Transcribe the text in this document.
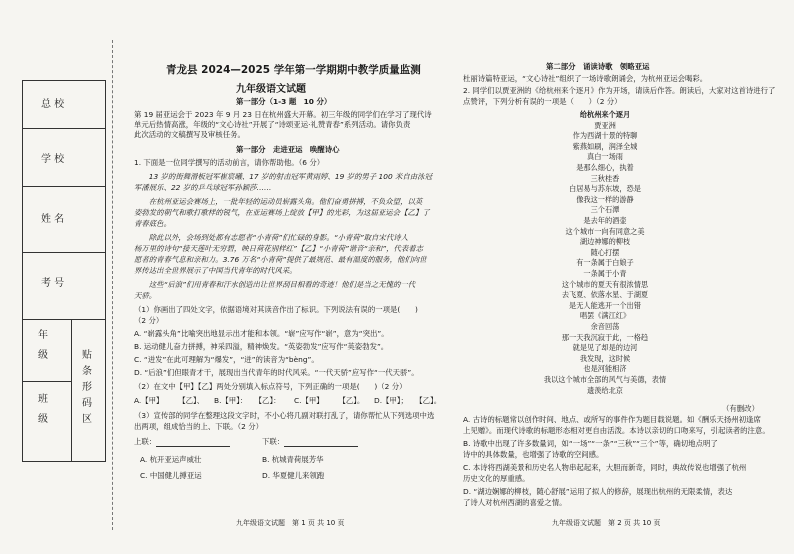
总 校
学 校
姓 名
考 号
年
级
班
级
贴
条
形
码
区
青龙县 2024—2025 学年第一学期期中教学质量监测
九年级语文试题
第一部分（1-3 题　10 分）
第 19 届亚运会于 2023 年 9 月 23 日在杭州盛大开幕。初三年级的同学们在学习了现代诗
单元后热情高涨，年级的“文心诗社”开展了“诗颂亚运·礼赞青春”系列活动。请你负责
此次活动的文稿撰写及审核任务。
第一部分　走进亚运　唤醒诗心
1. 下面是一位同学撰写的活动前言，请你帮助他。（6 分）
　　13 岁的街舞滑板冠军崔宸曦、17 岁的射击冠军黄雨婷、19 岁的男子 100 米自由泳冠
军潘展乐、22 岁的乒乓球冠军孙颖莎……
　　在杭州亚运会赛场上，一批年轻的运动员崭露头角。他们奋勇拼搏，不负众望，以英
姿勃发的朝气和歌打歌样的锐气，在亚运赛场上绽放【甲】的光彩，为这届亚运会【乙】了
青春底色。
　　除此以外，会场到处都有志愿者“小青荷”们忙碌的身影。“小青荷”取自宋代诗人
杨万里的诗句“接天莲叶无穷碧，映日荷花别样红”【乙】“小青荷”谐音“亲和”，代表着志
愿者的青春气息和亲和力。3.76 万名“小青荷”提供了最规范、最有温度的服务，他们向世
界传达出全世界展示了中国当代青年的时代风采。
　　这些“后浪”们用青春和汗水创造出让世界刮目相看的奇迹！他们是当之无愧的一代
天骄。
（1）你画出了四处文字，依据语境对其读音作出了标识。下列说法有误的一项是(　　)
（2 分）
A. “崭露头角”比喻突出地显示出才能和本领。“崭”应写作“崭”，意为“突出”。
B. 运动健儿奋力拼搏，神采四溢，精神焕发。“英姿勃发”应写作“英姿勃发”。
C. “迸发”在此可理解为“爆发”，“迸”的读音为“bèng”。
D. “后浪”们但眼青才干，展现出当代青年的时代风采。“一代天骄”应写作“一代天骄”。
（2）在文中【甲】【乙】两处分别填入标点符号，下列正确的一项是(　　)（2 分）
A.【甲】　　　【乙】、 B.【甲】：　　【乙】： C.【甲】　　　【乙】。 D.【甲】；　　【乙】。
（3）宣传部的同学在整理这段文字时，不小心将几副对联打乱了，请你帮忙从下列选项中选
出两项，组成恰当的上、下联。（2 分）
上联：	下联：
A. 杭开亚运声威壮	B. 杭城青荷展芳华
C. 中国健儿搏亚运	D. 华夏健儿来领跑
九年级语文试题　第 1 页 共 10 页
第二部分　诵读诗歌　领略亚运
杜丽诗篇特亚运，“文心诗社”组织了一场诗歌朗诵会，为杭州亚运会喝彩。
2. 同学们以贾亚洲的《给杭州来个逐月》作为开场，请读后作答。朗读后，大家对这首诗进行了
点赞评，下列分析有误的一项是（　　）（2 分）
给杭州来个逐月
贾亚洲
作为西湖十景的特聊
紫燕如刷，润泽全城
真白一场雨
是那么细心，执着
三秋桂香
白居易与苏东坡，恐是
像我这一样的游静
三个石潭
是去年的酒壶
这个城市一向有同意之美
湖边神娜的柳枝
随心打摆
有一条属于白娘子
一条属于小青
这个城市的夏天有很浓情思
去飞夏、依落水星、于湖夏
是无人能逃开一个出错
唱罢《满江红》
余音回荡
那一天我沉寂于此，一格趋
就是见了却是的边河
我发现，这时候
也是河能相济
我以这个城市全部的风气与美德，表情
遗羡给北京
（有删改）
A. 古诗的标题常以创作时间、地点、或所写的事件作为题目载说题。如《酬乐天扬州初逢席
上见赠》。而现代诗歌的标题形态相对更自由活泼。本诗以亲切的口吻来写，引起读者的注意。
B. 诗歌中出现了许多数量词，如“一场”“一条”“三秋”“三个”等，确切地点明了
诗中的具体数量，也增强了诗歌的空间感。
C. 本诗将西湖美景和历史名人物串起起来，大胆而新奇，同时，典故传说也增强了杭州
历史文化的厚重感。
D. “湖边娴娜的柳枝，随心舒展”运用了拟人的修辞，展现出杭州的无限柔情，表达
了诗人对杭州西湖的喜爱之情。
九年级语文试题　第 2 页 共 10 页
